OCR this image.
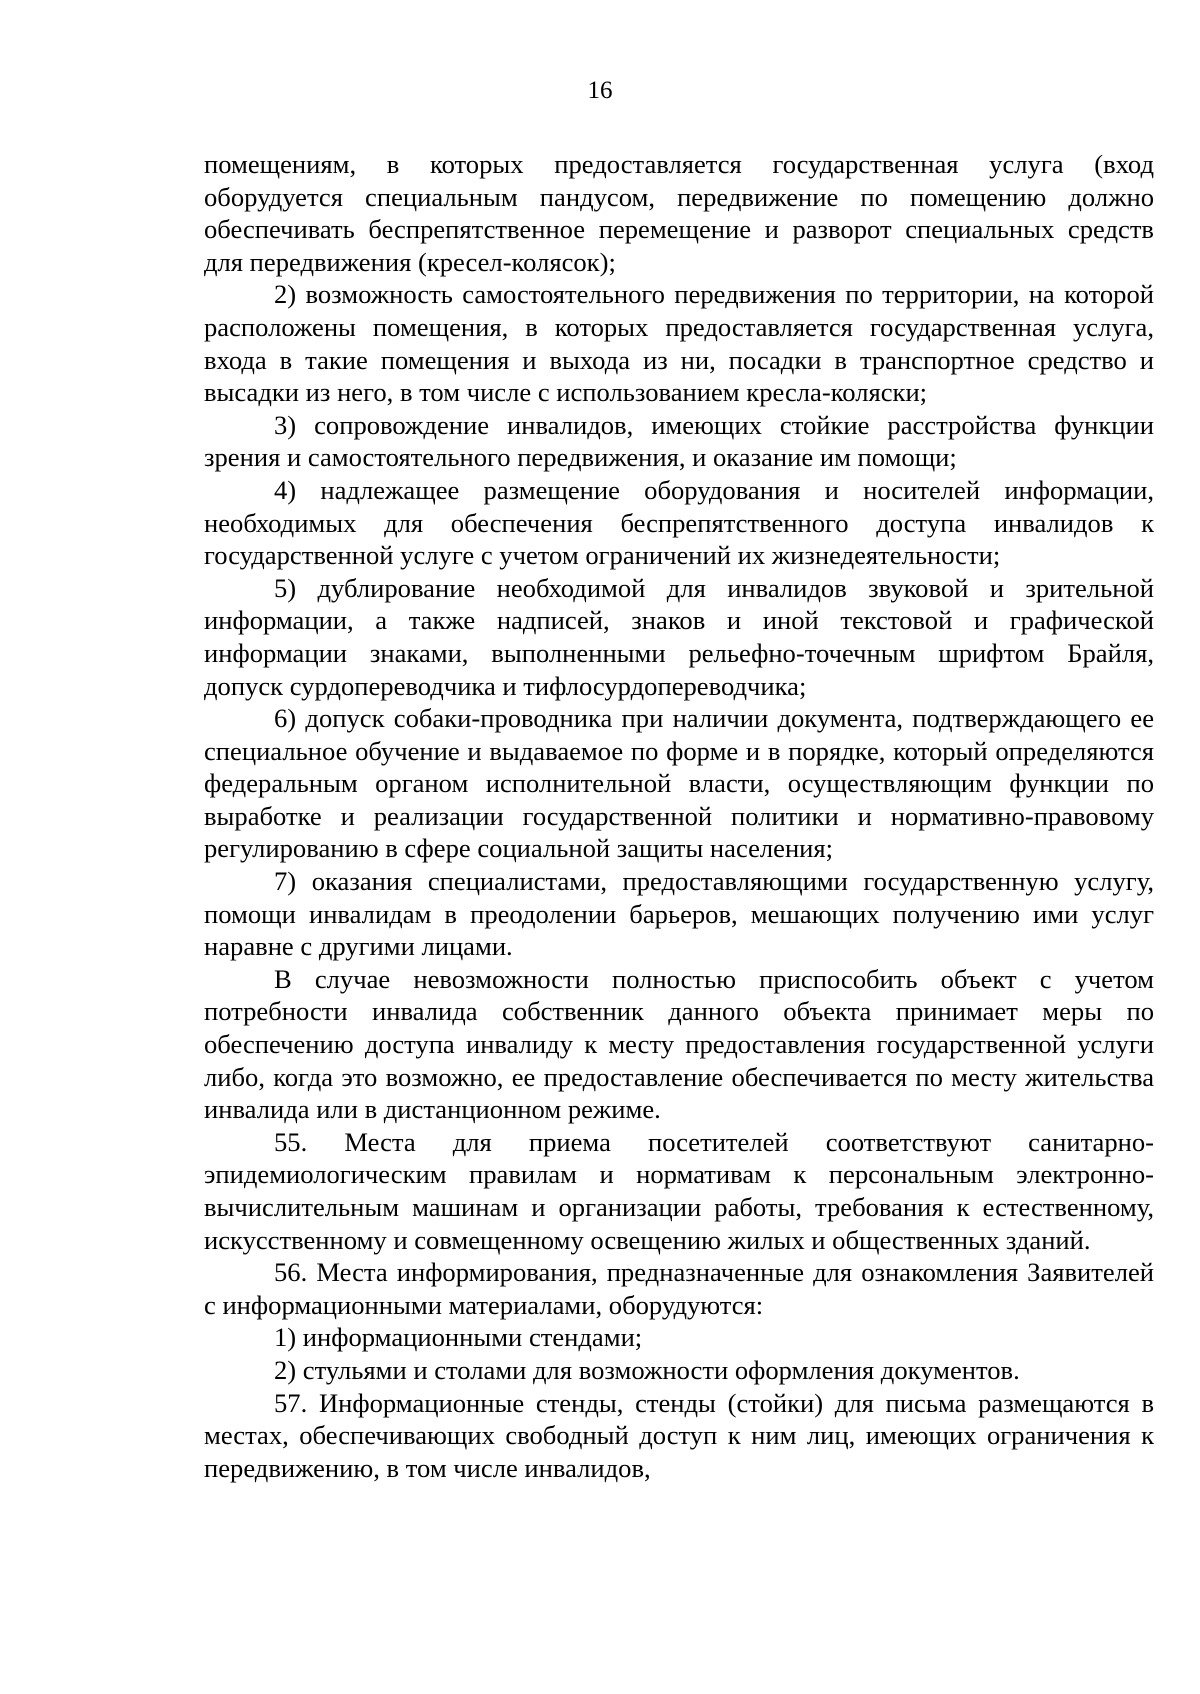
16

помещениям, в которых предоставляется государственная услуга (вход оборудуется специальным пандусом, передвижение по помещению должно обеспечивать беспрепятственное перемещение и разворот специальных средств для передвижения (кресел-колясок);

2) возможность самостоятельного передвижения по территории, на которой расположены помещения, в которых предоставляется государственная услуга, входа в такие помещения и выхода из ни, посадки в транспортное средство и высадки из него, в том числе с использованием кресла-коляски;

3) сопровождение инвалидов, имеющих стойкие расстройства функции зрения и самостоятельного передвижения, и оказание им помощи;

4) надлежащее размещение оборудования и носителей информации, необходимых для обеспечения беспрепятственного доступа инвалидов к государственной услуге с учетом ограничений их жизнедеятельности;

5) дублирование необходимой для инвалидов звуковой и зрительной информации, а также надписей, знаков и иной текстовой и графической информации знаками, выполненными рельефно-точечным шрифтом Брайля, допуск сурдопереводчика и тифлосурдопереводчика;

6) допуск собаки-проводника при наличии документа, подтверждающего ее специальное обучение и выдаваемое по форме и в порядке, который определяются федеральным органом исполнительной власти, осуществляющим функции по выработке и реализации государственной политики и нормативно-правовому регулированию в сфере социальной защиты населения;

7) оказания специалистами, предоставляющими государственную услугу, помощи инвалидам в преодолении барьеров, мешающих получению ими услуг наравне с другими лицами.

В случае невозможности полностью приспособить объект с учетом потребности инвалида собственник данного объекта принимает меры по обеспечению доступа инвалиду к месту предоставления государственной услуги либо, когда это возможно, ее предоставление обеспечивается по месту жительства инвалида или в дистанционном режиме.

55. Места для приема посетителей соответствуют санитарно-эпидемиологическим правилам и нормативам к персональным электронно-вычислительным машинам и организации работы, требования к естественному, искусственному и совмещенному освещению жилых и общественных зданий.

56. Места информирования, предназначенные для ознакомления Заявителей с информационными материалами, оборудуются:

1) информационными стендами;

2) стульями и столами для возможности оформления документов.

57. Информационные стенды, стенды (стойки) для письма размещаются в местах, обеспечивающих свободный доступ к ним лиц, имеющих ограничения к передвижению, в том числе инвалидов,
